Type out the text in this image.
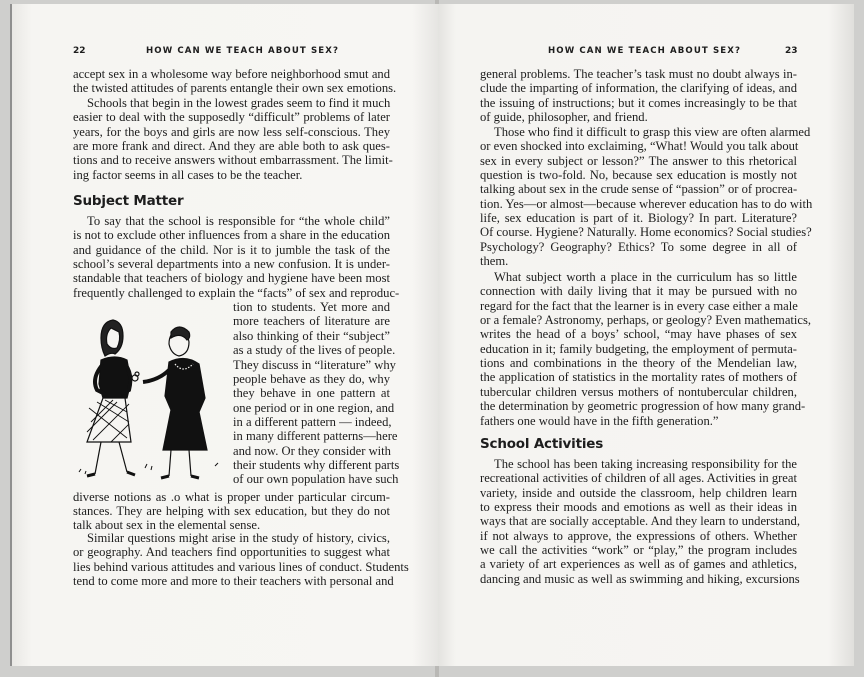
22	HOW CAN WE TEACH ABOUT SEX?	HOW CAN WE TEACH ABOUT SEX?	23
accept sex in a wholesome way before neighborhood smut and
the twisted attitudes of parents entangle their own sex emotions.
Schools that begin in the lowest grades seem to find it much
easier to deal with the supposedly “difficult” problems of later
years, for the boys and girls are now less self-conscious. They
are more frank and direct. And they are able both to ask ques-
tions and to receive answers without embarrassment. The limit-
ing factor seems in all cases to be the teacher.
Subject Matter
To say that the school is responsible for “the whole child”
is not to exclude other influences from a share in the education
and guidance of the child. Nor is it to jumble the task of the
school’s several departments into a new confusion. It is under-
standable that teachers of biology and hygiene have been most
frequently challenged to explain the “facts” of sex and reproduc-
tion to students. Yet more and
more teachers of literature are
also thinking of their “subject”
as a study of the lives of people.
They discuss in “literature” why
people behave as they do, why
they behave in one pattern at
one period or in one region, and
in a different pattern — indeed,
in many different patterns—here
and now. Or they consider with
their students why different parts
of our own population have such
diverse notions as .o what is proper under particular circum-
stances. They are helping with sex education, but they do not
talk about sex in the elemental sense.
Similar questions might arise in the study of history, civics,
or geography. And teachers find opportunities to suggest what
lies behind various attitudes and various lines of conduct. Students
tend to come more and more to their teachers with personal and
general problems. The teacher’s task must no doubt always in-
clude the imparting of information, the clarifying of ideas, and
the issuing of instructions; but it comes increasingly to be that
of guide, philosopher, and friend.
Those who find it difficult to grasp this view are often alarmed
or even shocked into exclaiming, “What! Would you talk about
sex in every subject or lesson?” The answer to this rhetorical
question is two-fold. No, because sex education is mostly not
talking about sex in the crude sense of “passion” or of procrea-
tion. Yes—or almost—because wherever education has to do with
life, sex education is part of it. Biology? In part. Literature?
Of course. Hygiene? Naturally. Home economics? Social studies?
Psychology? Geography? Ethics? To some degree in all of
them.
What subject worth a place in the curriculum has so little
connection with daily living that it may be pursued with no
regard for the fact that the learner is in every case either a male
or a female? Astronomy, perhaps, or geology? Even mathematics,
writes the head of a boys’ school, “may have phases of sex
education in it; family budgeting, the employment of permuta-
tions and combinations in the theory of the Mendelian law,
the application of statistics in the mortality rates of mothers of
tubercular children versus mothers of nontubercular children,
the determination by geometric progression of how many grand-
fathers one would have in the fifth generation.”
School Activities
The school has been taking increasing responsibility for the
recreational activities of children of all ages. Activities in great
variety, inside and outside the classroom, help children learn
to express their moods and emotions as well as their ideas in
ways that are socially acceptable. And they learn to understand,
if not always to approve, the expressions of others. Whether
we call the activities “work” or “play,” the program includes
a variety of art experiences as well as of games and athletics,
dancing and music as well as swimming and hiking, excursions
